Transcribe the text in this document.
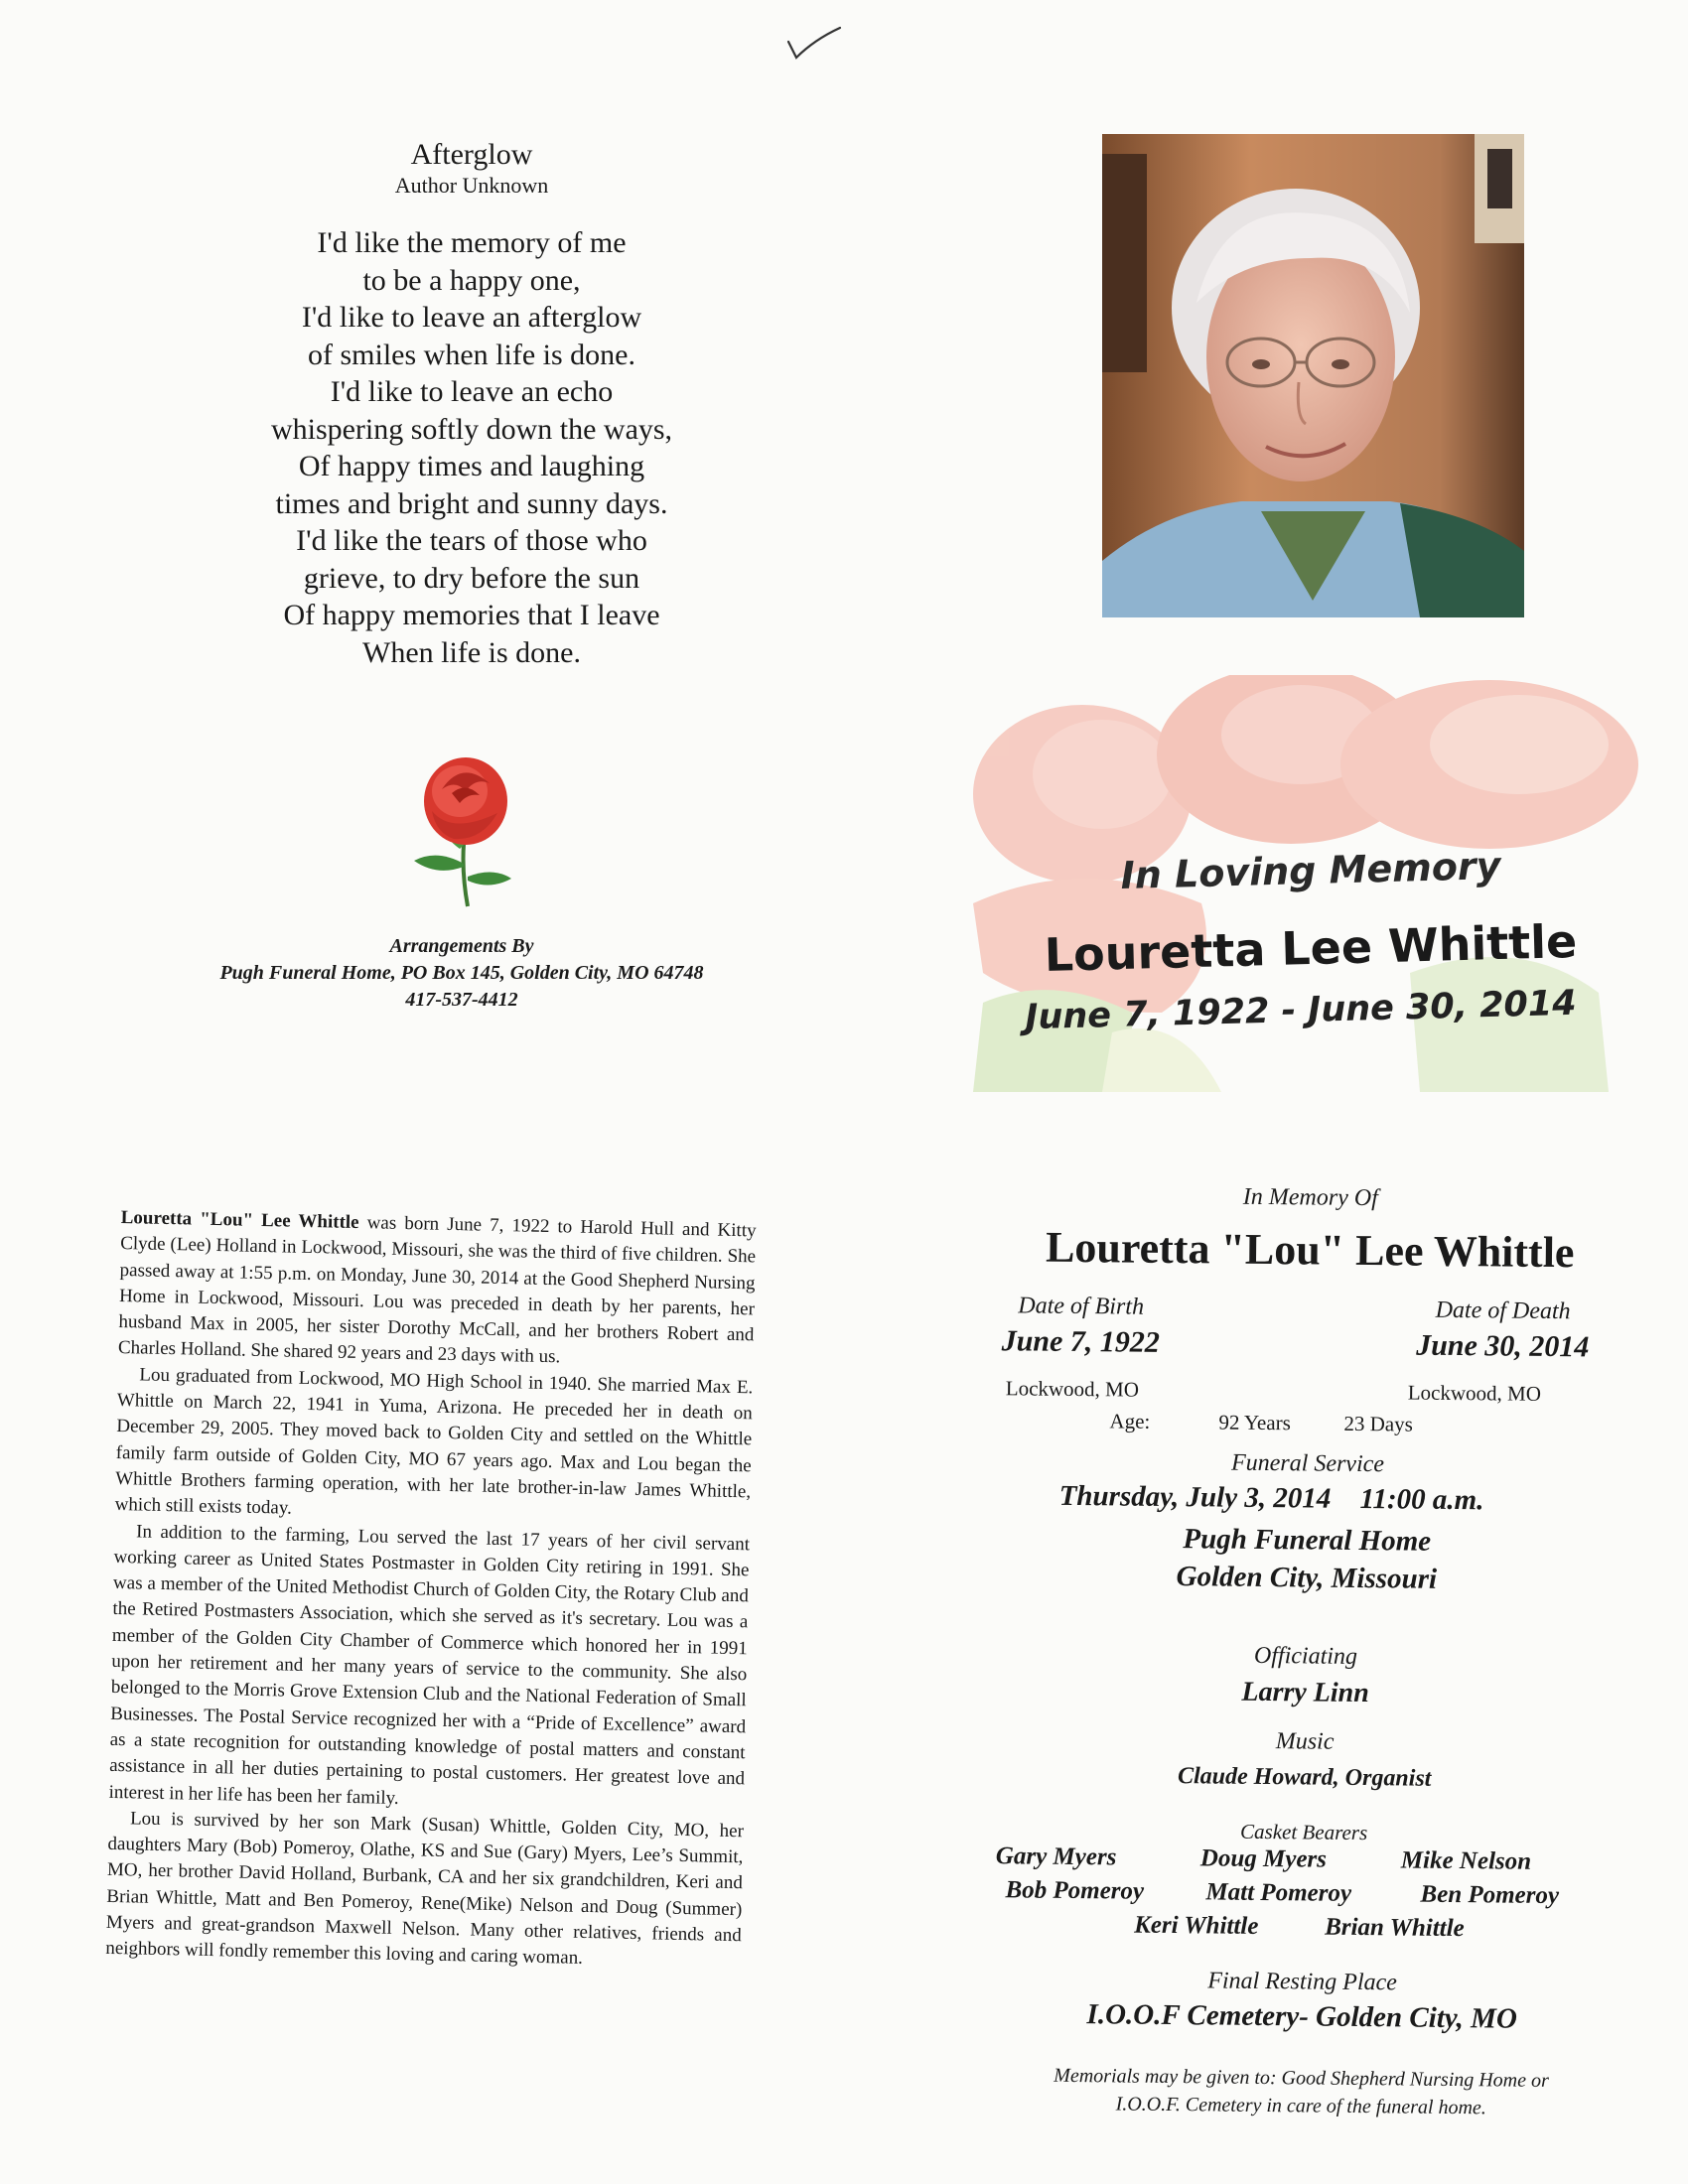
Afterglow
Author Unknown
I'd like the memory of me
to be a happy one,
I'd like to leave an afterglow
of smiles when life is done.
I'd like to leave an echo
whispering softly down the ways,
Of happy times and laughing
times and bright and sunny days.
I'd like the tears of those who
grieve, to dry before the sun
Of happy memories that I leave
When life is done.
Arrangements By
Pugh Funeral Home, PO Box 145, Golden City, MO 64748
417-537-4412
In Loving Memory
Louretta Lee Whittle
June 7, 1922 - June 30, 2014

Louretta "Lou" Lee Whittle was born June 7, 1922 to Harold Hull and Kitty Clyde (Lee) Holland in Lockwood, Missouri, she was the third of five children. She passed away at 1:55 p.m. on Monday, June 30, 2014 at the Good Shepherd Nursing Home in Lockwood, Missouri. Lou was preceded in death by her parents, her husband Max in 2005, her sister Dorothy McCall, and her brothers Robert and Charles Holland. She shared 92 years and 23 days with us.

Lou graduated from Lockwood, MO High School in 1940. She married Max E. Whittle on March 22, 1941 in Yuma, Arizona. He preceded her in death on December 29, 2005. They moved back to Golden City and settled on the Whittle family farm outside of Golden City, MO 67 years ago. Max and Lou began the Whittle Brothers farming operation, with her late brother-in-law James Whittle, which still exists today.

In addition to the farming, Lou served the last 17 years of her civil servant working career as United States Postmaster in Golden City retiring in 1991. She was a member of the United Methodist Church of Golden City, the Rotary Club and the Retired Postmasters Association, which she served as it's secretary. Lou was a member of the Golden City Chamber of Commerce which honored her in 1991 upon her retirement and her many years of service to the community. She also belonged to the Morris Grove Extension Club and the National Federation of Small Businesses. The Postal Service recognized her with a “Pride of Excellence” award as a state recognition for outstanding knowledge of postal matters and constant assistance in all her duties pertaining to postal customers. Her greatest love and interest in her life has been her family.

Lou is survived by her son Mark (Susan) Whittle, Golden City, MO, her daughters Mary (Bob) Pomeroy, Olathe, KS and Sue (Gary) Myers, Lee’s Summit, MO, her brother David Holland, Burbank, CA and her six grandchildren, Keri and Brian Whittle, Matt and Ben Pomeroy, Rene(Mike) Nelson and Doug (Summer) Myers and great-grandson Maxwell Nelson. Many other relatives, friends and neighbors will fondly remember this loving and caring woman.

In Memory Of
Louretta "Lou" Lee Whittle
Date of Birth
June 7, 1922
Lockwood, MO
Date of Death
June 30, 2014
Lockwood, MO
Age:	92 Years	23 Days
Funeral Service
Thursday, July 3, 2014 11:00 a.m.
Pugh Funeral Home
Golden City, Missouri
Officiating
Larry Linn
Music
Claude Howard, Organist
Casket Bearers
Gary Myers	Doug Myers	Mike Nelson
Bob Pomeroy Matt Pomeroy	Ben Pomeroy
Keri Whittle	Brian Whittle
Final Resting Place
I.O.O.F Cemetery- Golden City, MO
Memorials may be given to: Good Shepherd Nursing Home or
I.O.O.F. Cemetery in care of the funeral home.
